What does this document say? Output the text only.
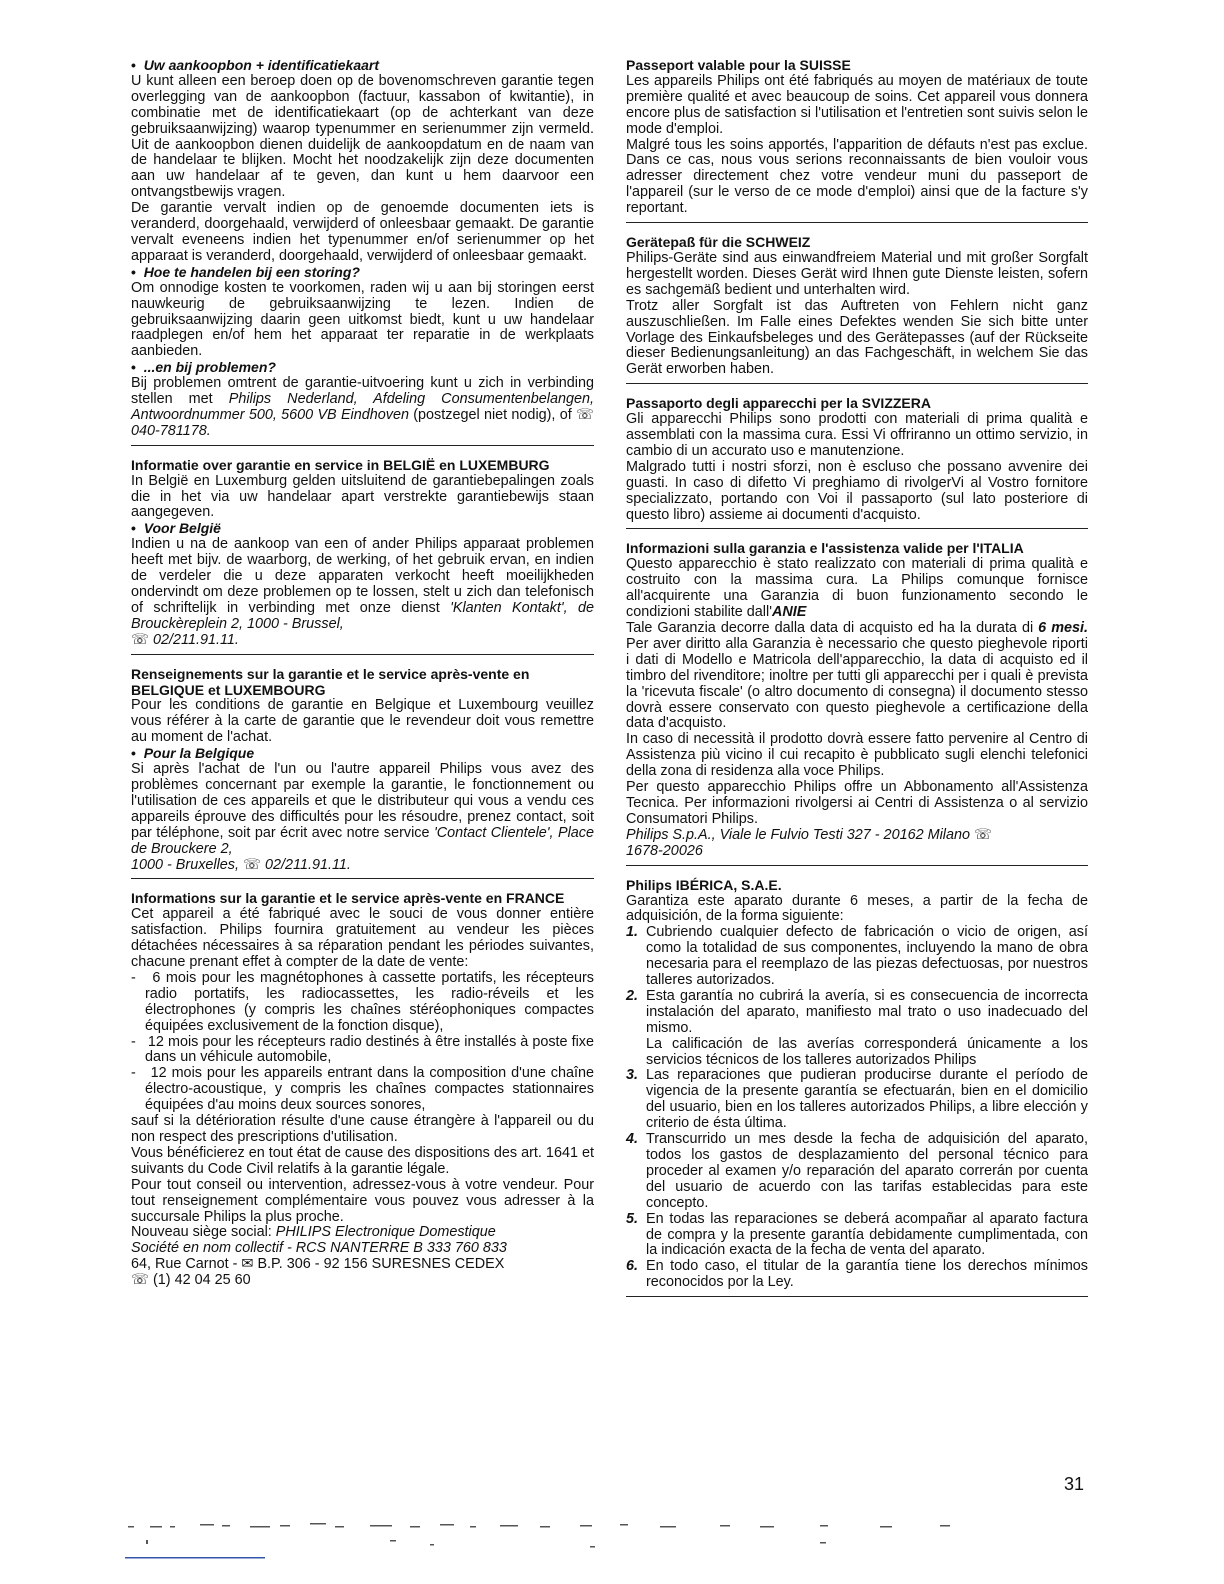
•  Uw aankoopbon + identificatiekaart

U kunt alleen een beroep doen op de bovenomschreven garantie tegen overlegging van de aankoopbon (factuur, kassabon of kwitantie), in combinatie met de identificatiekaart (op de achterkant van deze gebruiksaanwijzing) waarop typenummer en serienummer zijn vermeld. Uit de aankoopbon dienen duidelijk de aankoopdatum en de naam van de handelaar te blijken. Mocht het noodzakelijk zijn deze documenten aan uw handelaar af te geven, dan kunt u hem daarvoor een ontvangstbewijs vragen.

De garantie vervalt indien op de genoemde documenten iets is veranderd, doorgehaald, verwijderd of onleesbaar gemaakt. De garantie vervalt eveneens indien het typenummer en/of serienummer op het apparaat is veranderd, doorgehaald, verwijderd of onleesbaar gemaakt.

•  Hoe te handelen bij een storing?

Om onnodige kosten te voorkomen, raden wij u aan bij storingen eerst nauwkeurig de gebruiksaanwijzing te lezen. Indien de gebruiksaanwijzing daarin geen uitkomst biedt, kunt u uw handelaar raadplegen en/of hem het apparaat ter reparatie in de werkplaats aanbieden.

•  ...en bij problemen?

Bij problemen omtrent de garantie-uitvoering kunt u zich in verbinding stellen met Philips Nederland, Afdeling Consumentenbelangen, Antwoordnummer 500, 5600 VB Eindhoven (postzegel niet nodig), of ☏ 040-781178.

Informatie over garantie en service in BELGIË en LUXEMBURG

In België en Luxemburg gelden uitsluitend de garantiebepalingen zoals die in het via uw handelaar apart verstrekte garantiebewijs staan aangegeven.

•  Voor België

Indien u na de aankoop van een of ander Philips apparaat problemen heeft met bijv. de waarborg, de werking, of het gebruik ervan, en indien de verdeler die u deze apparaten verkocht heeft moeilijkheden ondervindt om deze problemen op te lossen, stelt u zich dan telefonisch of schriftelijk in verbinding met onze dienst 'Klanten Kontakt', de Brouckèreplein 2, 1000 - Brussel,
☏ 02/211.91.11.

Renseignements sur la garantie et le service après-vente en BELGIQUE et LUXEMBOURG

Pour les conditions de garantie en Belgique et Luxembourg veuillez vous référer à la carte de garantie que le revendeur doit vous remettre au moment de l'achat.

•  Pour la Belgique

Si après l'achat de l'un ou l'autre appareil Philips vous avez des problèmes concernant par exemple la garantie, le fonctionnement ou l'utilisation de ces appareils et que le distributeur qui vous a vendu ces appareils éprouve des difficultés pour les résoudre, prenez contact, soit par téléphone, soit par écrit avec notre service 'Contact Clientele', Place de Brouckere 2,
1000 - Bruxelles, ☏ 02/211.91.11.

Informations sur la garantie et le service après-vente en FRANCE

Cet appareil a été fabriqué avec le souci de vous donner entière satisfaction. Philips fournira gratuitement au vendeur les pièces détachées nécessaires à sa réparation pendant les périodes suivantes, chacune prenant effet à compter de la date de vente:

-   6 mois pour les magnétophones à cassette portatifs, les récepteurs radio portatifs, les radiocassettes, les radio-réveils et les électrophones (y compris les chaînes stéréophoniques compactes équipées exclusivement de la fonction disque),
-   12 mois pour les récepteurs radio destinés à être installés à poste fixe dans un véhicule automobile,
-   12 mois pour les appareils entrant dans la composition d'une chaîne électro-acoustique, y compris les chaînes compactes stationnaires équipées d'au moins deux sources sonores,

sauf si la détérioration résulte d'une cause étrangère à l'appareil ou du non respect des prescriptions d'utilisation.

Vous bénéficierez en tout état de cause des dispositions des art. 1641 et suivants du Code Civil relatifs à la garantie légale.

Pour tout conseil ou intervention, adressez-vous à votre vendeur. Pour tout renseignement complémentaire vous pouvez vous adresser à la succursale Philips la plus proche.

Nouveau siège social: PHILIPS Electronique Domestique
Société en nom collectif - RCS NANTERRE B 333 760 833
64, Rue Carnot - ✉ B.P. 306 - 92 156 SURESNES CEDEX
☏ (1) 42 04 25 60

Passeport valable pour la SUISSE

Les appareils Philips ont été fabriqués au moyen de matériaux de toute première qualité et avec beaucoup de soins. Cet appareil vous donnera encore plus de satisfaction si l'utilisation et l'entretien sont suivis selon le mode d'emploi.

Malgré tous les soins apportés, l'apparition de défauts n'est pas exclue. Dans ce cas, nous vous serions reconnaissants de bien vouloir vous adresser directement chez votre vendeur muni du passeport de l'appareil (sur le verso de ce mode d'emploi) ainsi que de la facture s'y reportant.

Gerätepaß für die SCHWEIZ

Philips-Geräte sind aus einwandfreiem Material und mit großer Sorgfalt hergestellt worden. Dieses Gerät wird Ihnen gute Dienste leisten, sofern es sachgemäß bedient und unterhalten wird.

Trotz aller Sorgfalt ist das Auftreten von Fehlern nicht ganz auszuschließen. Im Falle eines Defektes wenden Sie sich bitte unter Vorlage des Einkaufsbeleges und des Gerätepasses (auf der Rückseite dieser Bedienungsanleitung) an das Fachgeschäft, in welchem Sie das Gerät erworben haben.

Passaporto degli apparecchi per la SVIZZERA

Gli apparecchi Philips sono prodotti con materiali di prima qualità e assemblati con la massima cura. Essi Vi offriranno un ottimo servizio, in cambio di un accurato uso e manutenzione.

Malgrado tutti i nostri sforzi, non è escluso che possano avvenire dei guasti. In caso di difetto Vi preghiamo di rivolgerVi al Vostro fornitore specializzato, portando con Voi il passaporto (sul lato posteriore di questo libro) assieme ai documenti d'acquisto.

Informazioni sulla garanzia e l'assistenza valide per l'ITALIA

Questo apparecchio è stato realizzato con materiali di prima qualità e costruito con la massima cura. La Philips comunque fornisce all'acquirente una Garanzia di buon funzionamento secondo le condizioni stabilite dall'ANIE

Tale Garanzia decorre dalla data di acquisto ed ha la durata di 6 mesi. Per aver diritto alla Garanzia è necessario che questo pieghevole riporti i dati di Modello e Matricola dell'apparecchio, la data di acquisto ed il timbro del rivenditore; inoltre per tutti gli apparecchi per i quali è prevista la 'ricevuta fiscale' (o altro documento di consegna) il documento stesso dovrà essere conservato con questo pieghevole a certificazione della data d'acquisto.

In caso di necessità il prodotto dovrà essere fatto pervenire al Centro di Assistenza più vicino il cui recapito è pubblicato sugli elenchi telefonici della zona di residenza alla voce Philips.

Per questo apparecchio Philips offre un Abbonamento all'Assistenza Tecnica. Per informazioni rivolgersi ai Centri di Assistenza o al servizio Consumatori Philips.

Philips S.p.A., Viale le Fulvio Testi 327 - 20162 Milano ☏
1678-20026

Philips IBÉRICA, S.A.E.

Garantiza este aparato durante 6 meses, a partir de la fecha de adquisición, de la forma siguiente:

1. Cubriendo cualquier defecto de fabricación o vicio de origen, así como la totalidad de sus componentes, incluyendo la mano de obra necesaria para el reemplazo de las piezas defectuosas, por nuestros talleres autorizados.
2. Esta garantía no cubrirá la avería, si es consecuencia de incorrecta instalación del aparato, manifiesto mal trato o uso inadecuado del mismo.
La calificación de las averías corresponderá únicamente a los servicios técnicos de los talleres autorizados Philips
3. Las reparaciones que pudieran producirse durante el período de vigencia de la presente garantía se efectuarán, bien en el domicilio del usuario, bien en los talleres autorizados Philips, a libre elección y criterio de ésta última.
4. Transcurrido un mes desde la fecha de adquisición del aparato, todos los gastos de desplazamiento del personal técnico para proceder al examen y/o reparación del aparato correrán por cuenta del usuario de acuerdo con las tarifas establecidas para este concepto.
5. En todas las reparaciones se deberá acompañar al aparato factura de compra y la presente garantía debidamente cumplimentada, con la indicación exacta de la fecha de venta del aparato.
6. En todo caso, el titular de la garantía tiene los derechos mínimos reconocidos por la Ley.
31
